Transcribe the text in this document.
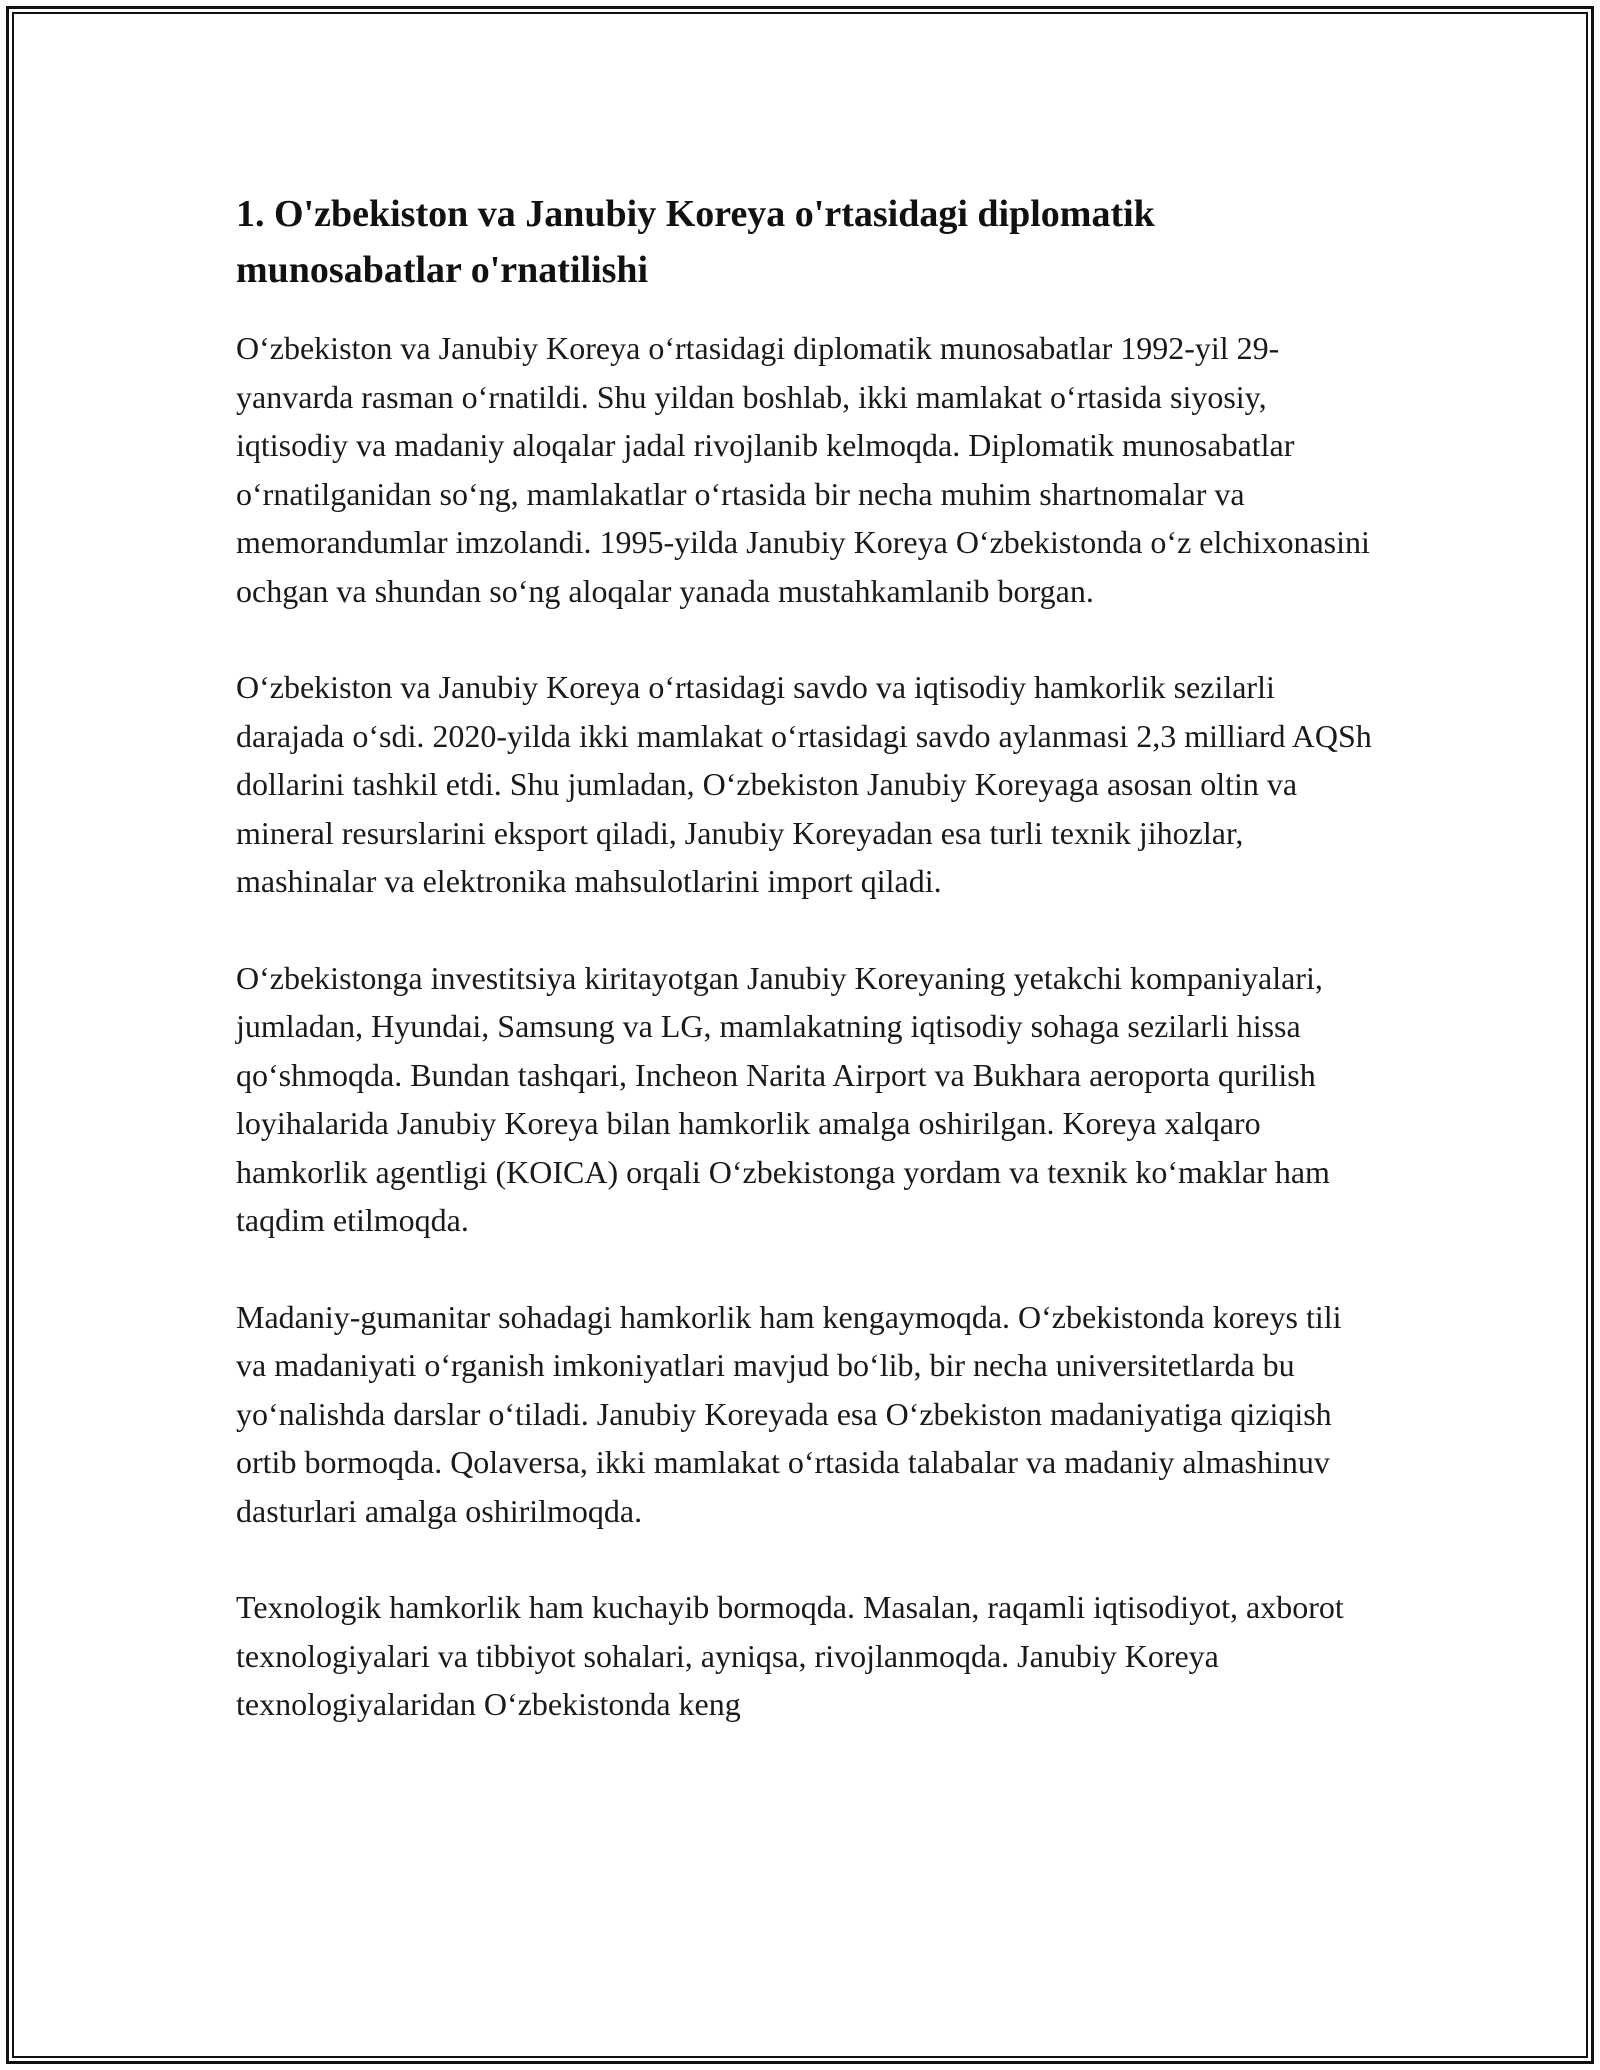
1. O'zbekiston va Janubiy Koreya o'rtasidagi diplomatik munosabatlar o'rnatilishi

O‘zbekiston va Janubiy Koreya o‘rtasidagi diplomatik munosabatlar 1992-yil 29-yanvarda rasman o‘rnatildi. Shu yildan boshlab, ikki mamlakat o‘rtasida siyosiy, iqtisodiy va madaniy aloqalar jadal rivojlanib kelmoqda. Diplomatik munosabatlar o‘rnatilganidan so‘ng, mamlakatlar o‘rtasida bir necha muhim shartnomalar va memorandumlar imzolandi. 1995-yilda Janubiy Koreya O‘zbekistonda o‘z elchixonasini ochgan va shundan so‘ng aloqalar yanada mustahkamlanib borgan.

O‘zbekiston va Janubiy Koreya o‘rtasidagi savdo va iqtisodiy hamkorlik sezilarli darajada o‘sdi. 2020-yilda ikki mamlakat o‘rtasidagi savdo aylanmasi 2,3 milliard AQSh dollarini tashkil etdi. Shu jumladan, O‘zbekiston Janubiy Koreyaga asosan oltin va mineral resurslarini eksport qiladi, Janubiy Koreyadan esa turli texnik jihozlar, mashinalar va elektronika mahsulotlarini import qiladi.

O‘zbekistonga investitsiya kiritayotgan Janubiy Koreyaning yetakchi kompaniyalari, jumladan, Hyundai, Samsung va LG, mamlakatning iqtisodiy sohaga sezilarli hissa qo‘shmoqda. Bundan tashqari, Incheon Narita Airport va Bukhara aeroporta qurilish loyihalarida Janubiy Koreya bilan hamkorlik amalga oshirilgan. Koreya xalqaro hamkorlik agentligi (KOICA) orqali O‘zbekistonga yordam va texnik ko‘maklar ham taqdim etilmoqda.

Madaniy-gumanitar sohadagi hamkorlik ham kengaymoqda. O‘zbekistonda koreys tili va madaniyati o‘rganish imkoniyatlari mavjud bo‘lib, bir necha universitetlarda bu yo‘nalishda darslar o‘tiladi. Janubiy Koreyada esa O‘zbekiston madaniyatiga qiziqish ortib bormoqda. Qolaversa, ikki mamlakat o‘rtasida talabalar va madaniy almashinuv dasturlari amalga oshirilmoqda.

Texnologik hamkorlik ham kuchayib bormoqda. Masalan, raqamli iqtisodiyot, axborot texnologiyalari va tibbiyot sohalari, ayniqsa, rivojlanmoqda. Janubiy Koreya texnologiyalaridan O‘zbekistonda keng
